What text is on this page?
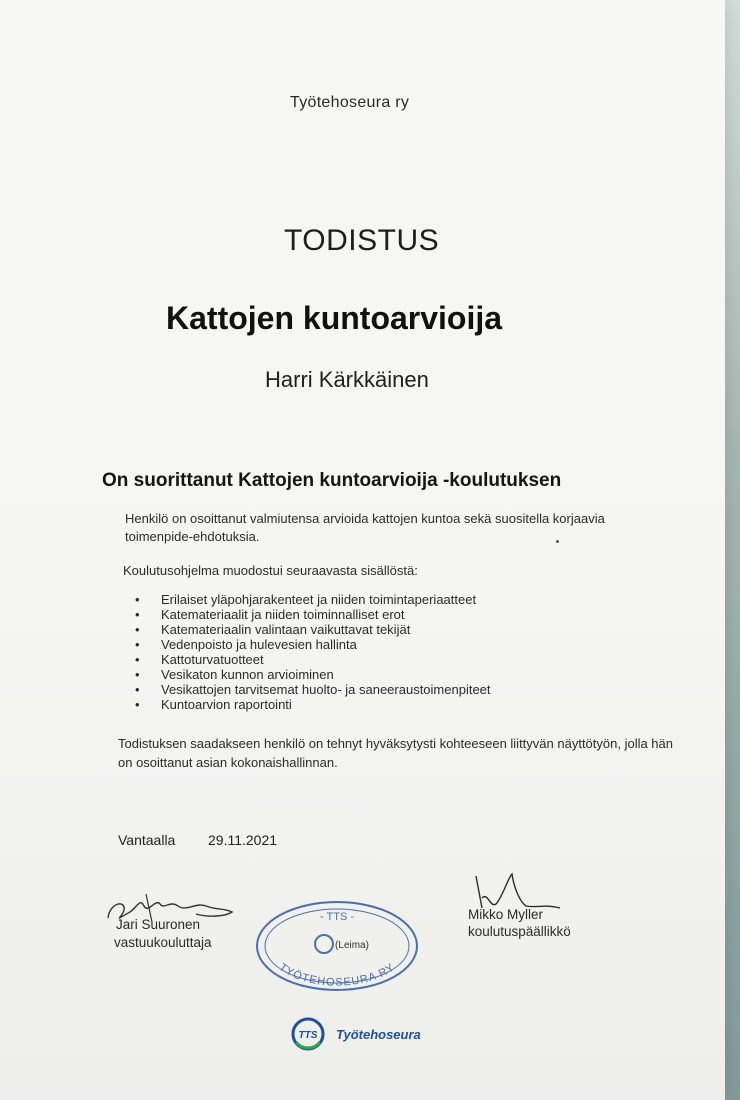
Työtehoseura ry
TODISTUS
Kattojen kuntoarvioija
Harri Kärkkäinen
On suorittanut Kattojen kuntoarvioija -koulutuksen
Henkilö on osoittanut valmiutensa arvioida kattojen kuntoa sekä suositella korjaavia toimenpide-ehdotuksia.
Koulutusohjelma muodostui seuraavasta sisällöstä:
• Erilaiset yläpohjarakenteet ja niiden toimintaperiaatteet
• Katemateriaalit ja niiden toiminnalliset erot
• Katemateriaalin valintaan vaikuttavat tekijät
• Vedenpoisto ja hulevesien hallinta
• Kattoturvatuotteet
• Vesikaton kunnon arvioiminen
• Vesikattojen tarvitsemat huolto- ja saneeraustoimenpiteet
• Kuntoarvion raportointi
Todistuksen saadakseen henkilö on tehnyt hyväksytysti kohteeseen liittyvän näyttötyön, jolla hän on osoittanut asian kokonaishallinnan.
Vantaalla 29.11.2021
Jari Suuronen
vastuukouluttaja
Mikko Myller
koulutuspäällikkö
- TTS -
(Leima)
TYÖTEHOSEURA RY
TTS Työtehoseura
